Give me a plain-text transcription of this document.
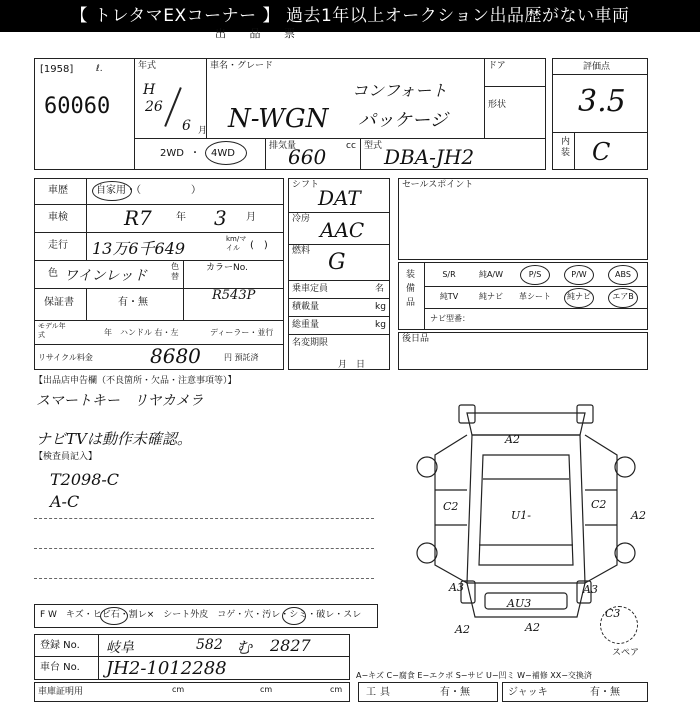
【 トレタマEXコーナー 】 過去1年以上オークション出品歴がない車両
出 品 票
[1958]	ℓ.
60060
年式
H
26
6 月
車名・グレード
コンフォート
N-WGN パッケージ
ドア
形状
2WD ・ 4WD
排気量
660 cc 型式 DBA-JH2
評価点
3.5
内装 C
車歴	自家用・（　　　　　）
車検	R7 年 3 月
走行 13万6千649	km/マイル	(　)
色 ワインレッド
色替
カラーNo.
R543P
保証書	有・無
モデル年式	年 ハンドル 右・左	ディーラー・並行
リサイクル料金	8680	円 預託済
シフト
DAT
冷房 AAC
燃料 G
乗車定員	名
積載量	kg
総重量	kg
名変期限
月　日
セールスポイント
装備品
S/R	純A/W	P/S	P/W	ABS
純TV	純ナビ	革シート	純ナビ	エアB
ナビ型番：
後日品
【出品店申告欄（不良箇所・欠品・注意事項等）】
スマートキー　リヤカメラ
ナビTVは動作未確認。
【検査員記入】
T2098-C
A-C
A2
C2
U1-
C2
A2
A3
AU3
A3
C3
A2	A2
スペア
F W　キズ・ヒビ石・割レ×　シート外皮　コゲ・穴・汚レ・シミ・破レ・スレ
登録 No. 岐阜	582 む 2827
車台 No. JH2-1012288	A−キズ C−腐食 E−エクボ S−サビ U−凹ミ W−補修 XX−交換済
車庫証明用	cm	cm	cm 工具	有・無	ジャッキ	有・無
